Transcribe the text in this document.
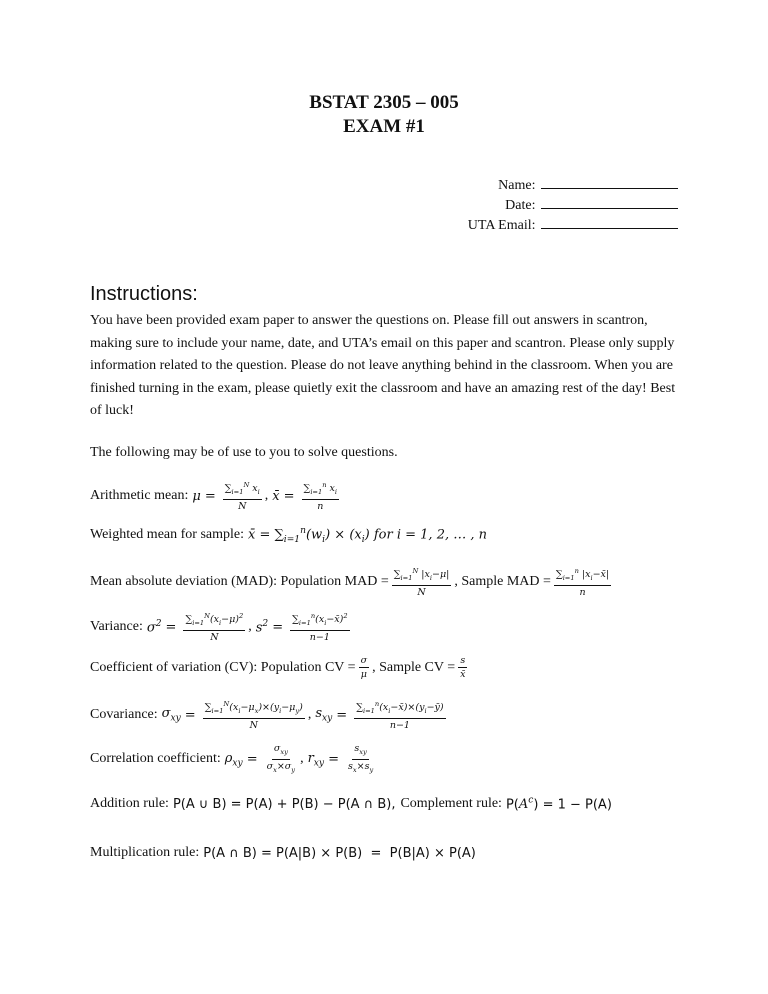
BSTAT 2305 – 005
EXAM #1
Name:
Date:
UTA Email:
Instructions:
You have been provided exam paper to answer the questions on. Please fill out answers in scantron, making sure to include your name, date, and UTA’s email on this paper and scantron. Please only supply information related to the question. Please do not leave anything behind in the classroom. When you are finished turning in the exam, please quietly exit the classroom and have an amazing rest of the day! Best of luck!
The following may be of use to you to solve questions.
Arithmetic mean: $\mu = \frac{\sum_{i=1}^N x_i}{N}$ , x̄ = $\frac{\sum_{i=1}^n x_i}{n}$
Weighted mean for sample: x̄ = $\sum_{i=1}^n(w_i) \times (x_i)$ for i = 1, 2, … , n
Mean absolute deviation (MAD): Population MAD = $\frac{\sum_{i=1}^N |x_i-\mu|}{N}$ , Sample MAD = $\frac{\sum_{i=1}^n |x_i-x̄|}{n}$
Variance: $\sigma^2 = \frac{\sum_{i=1}^N(x_i-\mu)^2}{N}$ , $s^2 = \frac{\sum_{i=1}^n(x_i-x̄)^2}{n-1}$
Coefficient of variation (CV): Population CV = $\frac{\sigma}{\mu}$ , Sample CV = $\frac{s}{x̄}$
Covariance: $\sigma_{xy} = \frac{\sum_{i=1}^N(x_i-\mu_x)\times(y_i-\mu_y)}{N}$ , $s_{xy} = \frac{\sum_{i=1}^n(x_i-x̄)\times(y_i-ȳ)}{n-1}$
Correlation coefficient: $\rho_{xy} = \frac{\sigma_{xy}}{\sigma_x\times\sigma_y}$ , $r_{xy} = \frac{s_{xy}}{s_x\times s_y}$
Addition rule: P(A ∪ B) = P(A) + P(B) − P(A ∩ B), Complement rule: $P(A^c) = 1 - P(A)$
Multiplication rule: P(A ∩ B) = P(A|B) × P(B)  =  P(B|A) × P(A)
